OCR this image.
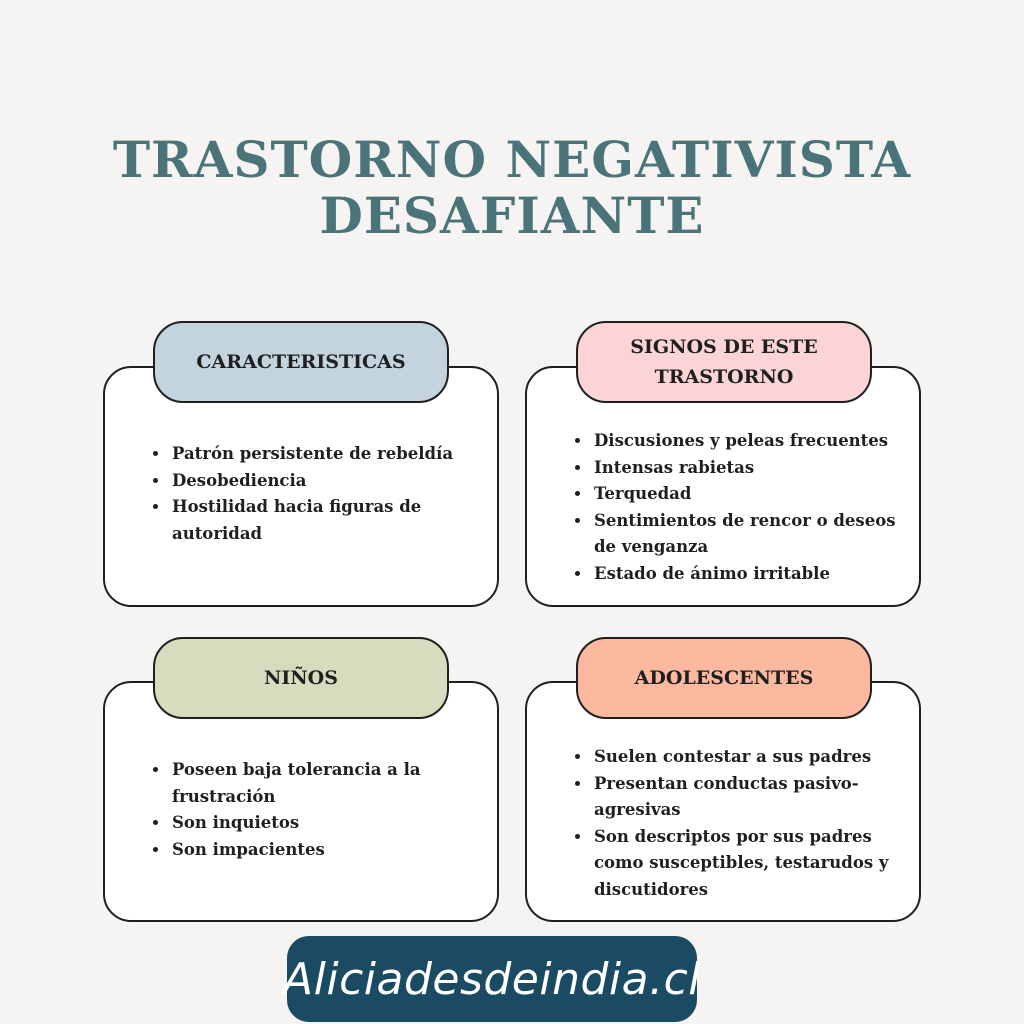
TRASTORNO NEGATIVISTA
DESAFIANTE
CARACTERISTICAS
• Patrón persistente de rebeldía
• Desobediencia
• Hostilidad hacia figuras de autoridad
SIGNOS DE ESTE TRASTORNO
• Discusiones y peleas frecuentes
• Intensas rabietas
• Terquedad
• Sentimientos de rencor o deseos de venganza
• Estado de ánimo irritable
NIÑOS
• Poseen baja tolerancia a la frustración
• Son inquietos
• Son impacientes
ADOLESCENTES
• Suelen contestar a sus padres
• Presentan conductas pasivo-agresivas
• Son descriptos por sus padres como susceptibles, testarudos y discutidores
Aliciadesdeindia.cl
